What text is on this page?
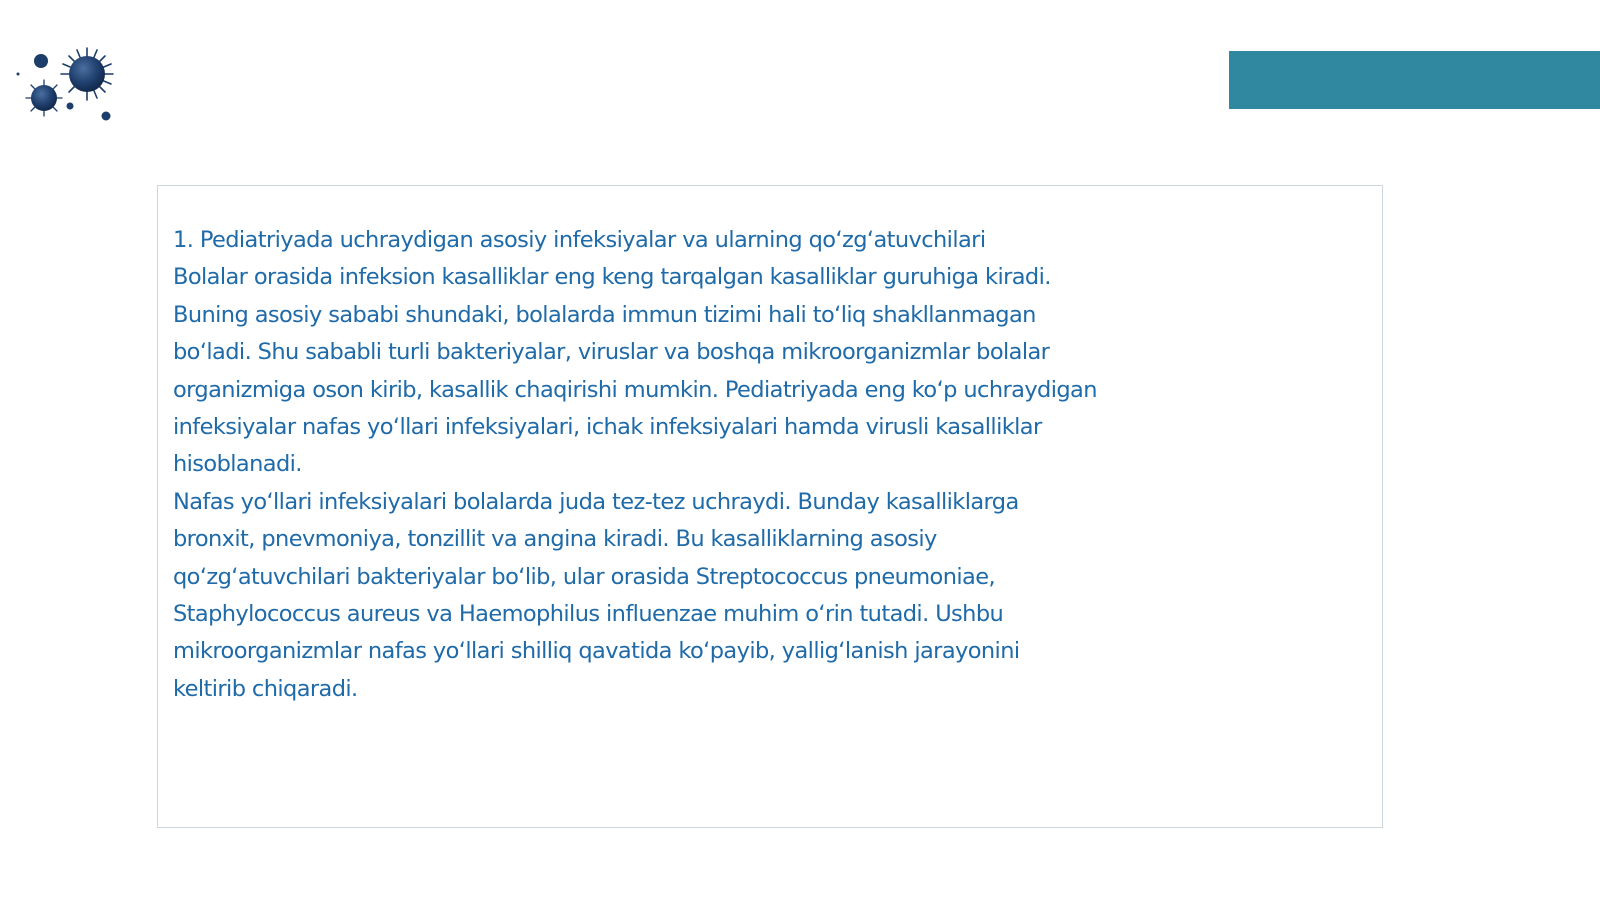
1. Pediatriyada uchraydigan asosiy infeksiyalar va ularning qo‘zg‘atuvchilari
Bolalar orasida infeksion kasalliklar eng keng tarqalgan kasalliklar guruhiga kiradi.
Buning asosiy sababi shundaki, bolalarda immun tizimi hali to‘liq shakllanmagan
bo‘ladi. Shu sababli turli bakteriyalar, viruslar va boshqa mikroorganizmlar bolalar
organizmiga oson kirib, kasallik chaqirishi mumkin. Pediatriyada eng ko‘p uchraydigan
infeksiyalar nafas yo‘llari infeksiyalari, ichak infeksiyalari hamda virusli kasalliklar
hisoblanadi.
Nafas yo‘llari infeksiyalari bolalarda juda tez-tez uchraydi. Bunday kasalliklarga
bronxit, pnevmoniya, tonzillit va angina kiradi. Bu kasalliklarning asosiy
qo‘zg‘atuvchilari bakteriyalar bo‘lib, ular orasida Streptococcus pneumoniae,
Staphylococcus aureus va Haemophilus influenzae muhim o‘rin tutadi. Ushbu
mikroorganizmlar nafas yo‘llari shilliq qavatida ko‘payib, yallig‘lanish jarayonini
keltirib chiqaradi.
